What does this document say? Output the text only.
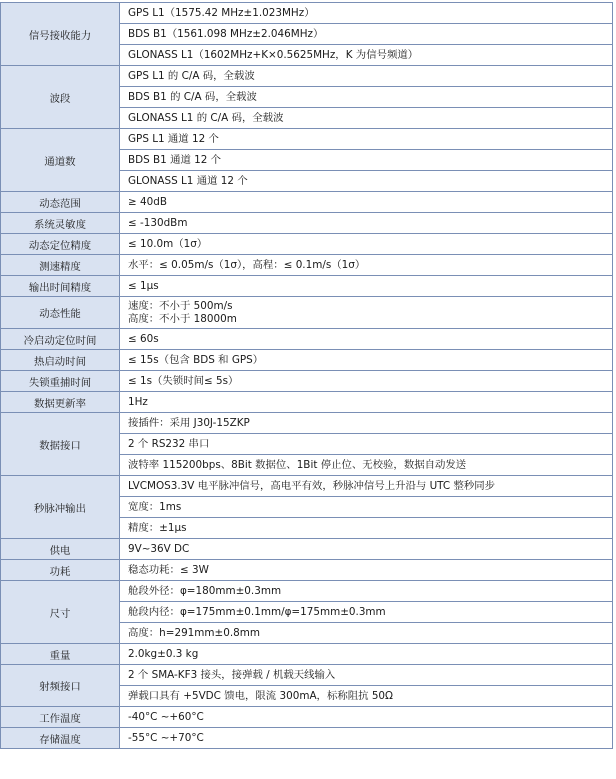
信号接收能力	GPS L1（1575.42 MHz±1.023MHz）

	BDS B1（1561.098 MHz±2.046MHz）

	GLONASS L1（1602MHz+K×0.5625MHz，K 为信号频道）

波段	GPS L1 的 C/A 码，全载波

	BDS B1 的 C/A 码，全载波

	GLONASS L1 的 C/A 码，全载波

通道数	GPS L1 通道 12 个

	BDS B1 通道 12 个

	GLONASS L1 通道 12 个

动态范围	≥ 40dB

系统灵敏度	≤ -130dBm

动态定位精度	≤ 10.0m（1σ）

测速精度	水平：≤ 0.05m/s（1σ），高程：≤ 0.1m/s（1σ）

输出时间精度	≤ 1μs

动态性能	速度：不小于 500m/s
高度：不小于 18000m

冷启动定位时间	≤ 60s

热启动时间	≤ 15s（包含 BDS 和 GPS）

失锁重捕时间	≤ 1s（失锁时间≤ 5s）

数据更新率	1Hz

数据接口	接插件：采用 J30J-15ZKP

	2 个 RS232 串口

	波特率 115200bps、8Bit 数据位、1Bit 停止位、无校验，数据自动发送

秒脉冲输出	LVCMOS3.3V 电平脉冲信号，高电平有效，秒脉冲信号上升沿与 UTC 整秒同步

	宽度：1ms

	精度：±1μs

供电	9V~36V DC

功耗	稳态功耗：≤ 3W

尺寸	舱段外径：φ=180mm±0.3mm

	舱段内径：φ=175mm±0.1mm/φ=175mm±0.3mm

	高度：h=291mm±0.8mm

重量	2.0kg±0.3 kg

射频接口	2 个 SMA-KF3 接头，接弹载 / 机载天线输入

	弹载口具有 +5VDC 馈电，限流 300mA，标称阻抗 50Ω

工作温度	-40°C ~+60°C

存储温度	-55°C ~+70°C
